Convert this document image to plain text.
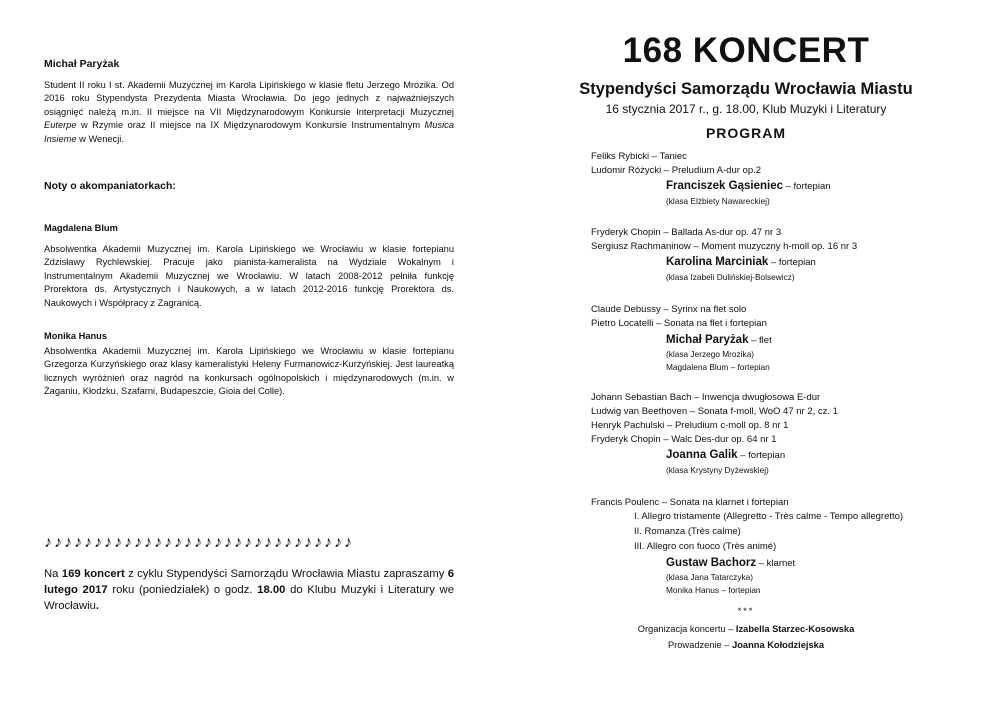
Michał Paryżak

Student II roku I st. Akademii Muzycznej im Karola Lipińskiego w klasie fletu Jerzego Mrozika. Od 2016 roku Stypendysta Prezydenta Miasta Wrocławia. Do jego jednych z najważniejszych osiągnięć należą m.in. II miejsce na VII Międzynarodowym Konkursie Interpretacji Muzycznej Euterpe w Rzymie oraz II miejsce na IX Międzynarodowym Konkursie Instrumentalnym Musica Insieme w Wenecji.

Noty o akompaniatorkach:
Magdalena Blum

Absolwentka Akademii Muzycznej im. Karola Lipińskiego we Wrocławiu w klasie fortepianu Zdzisławy Rychlewskiej. Pracuje jako pianista-kameralista na Wydziale Wokalnym i Instrumentalnym Akademii Muzycznej we Wrocławiu. W latach 2008-2012 pełniła funkcję Prorektora ds. Artystycznych i Naukowych, a w latach 2012-2016 funkcję Prorektora ds. Naukowych i Współpracy z Zagranicą.

Monika Hanus

Absolwentka Akademii Muzycznej im. Karola Lipińskiego we Wrocławiu w klasie fortepianu Grzegorza Kurzyńskiego oraz klasy kameralistyki Heleny Furmanowicz-Kurzyńskiej. Jest laureatką licznych wyróżnień oraz nagród na konkursach ogólnopolskich i międzynarodowych (m.in. w Żaganiu, Kłodzku, Szafarni, Budapeszcie, Gioia del Colle).

♪♪♪♪♪♪♪♪♪♪♪♪♪♪♪♪♪♪♪♪♪♪♪♪♪♪♪♪♪♪♪
Na 169 koncert z cyklu Stypendyści Samorządu Wrocławia Miastu zapraszamy 6 lutego 2017 roku (poniedziałek) o godz. 18.00 do Klubu Muzyki i Literatury we Wrocławiu.
168 KONCERT
Stypendyści Samorządu Wrocławia Miastu
16 stycznia 2017 r., g. 18.00, Klub Muzyki i Literatury
PROGRAM
Feliks Rybicki – Taniec
Ludomir Różycki – Preludium A-dur op.2
Franciszek Gąsieniec – fortepian
(klasa Elżbiety Nawareckiej)
Fryderyk Chopin – Ballada As-dur op. 47 nr 3
Sergiusz Rachmaninow – Moment muzyczny h-moll op. 16 nr 3
Karolina Marciniak – fortepian
(klasa Izabeli Dulińskiej-Bolsewicz)
Claude Debussy – Syrinx na flet solo
Pietro Locatelli – Sonata na flet i fortepian
Michał Paryżak – flet
(klasa Jerzego Mrozika)
Magdalena Blum – fortepian
Johann Sebastian Bach – Inwencja dwugłosowa E-dur
Ludwig van Beethoven – Sonata f-moll, WoO 47 nr 2, cz. 1
Henryk Pachulski – Preludium c-moll op. 8 nr 1
Fryderyk Chopin – Walc Des-dur op. 64 nr 1
Joanna Galik – fortepian
(klasa Krystyny Dyżewskiej)
Francis Poulenc – Sonata na klarnet i fortepian
I. Allegro tristamente (Allegretto - Très calme - Tempo allegretto)
II. Romanza (Très calme)
III. Allegro con fuoco (Très animé)
Gustaw Bachorz – klarnet
(klasa Jana Tatarczyka)
Monika Hanus – fortepian
***
Organizacja koncertu – Izabella Starzec-Kosowska
Prowadzenie – Joanna Kołodziejska
